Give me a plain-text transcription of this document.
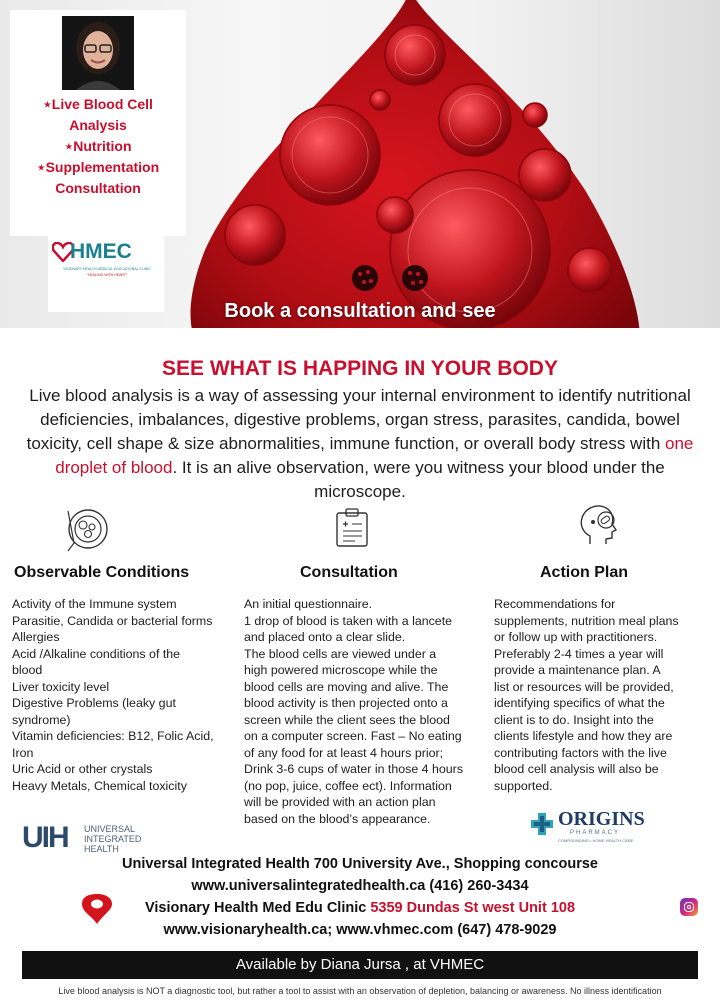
Book a consultation and see
⋆Live Blood Cell
Analysis
⋆Nutrition
⋆Supplementation
Consultation
HMEC
VISIONARY HEALTH MEDICAL EDUCATIONAL CLINIC
"HEALING WITH HEART"
SEE WHAT IS HAPPING IN YOUR BODY
Live blood analysis is a way of assessing your internal environment to identify nutritional deficiencies, imbalances, digestive problems, organ stress, parasites, candida, bowel toxicity, cell shape & size abnormalities, immune function, or overall body stress with one droplet of blood. It is an alive observation, were you witness your blood under the microscope.
Observable Conditions	Consultation	Action Plan
Activity of the Immune system
Parasitie, Candida or bacterial forms
Allergies
Acid /Alkaline conditions of the
blood
Liver toxicity level
Digestive Problems (leaky gut
syndrome)
Vitamin deficiencies: B12, Folic Acid,
Iron
Uric Acid or other crystals
Heavy Metals, Chemical toxicity
An initial questionnaire.
1 drop of blood is taken with a lancete
and placed onto a clear slide.
The blood cells are viewed under a
high powered microscope while the
blood cells are moving and alive. The
blood activity is then projected onto a
screen while the client sees the blood
on a computer screen. Fast – No eating
of any food for at least 4 hours prior;
Drink 3-6 cups of water in those 4 hours
(no pop, juice, coffee ect). Information
will be provided with an action plan
based on the blood’s appearance.
Recommendations for
supplements, nutrition meal plans
or follow up with practitioners.
Preferably 2-4 times a year will
provide a maintenance plan. A
list or resources will be provided,
identifying specifics of what the
client is to do. Insight into the
clients lifestyle and how they are
contributing factors with the live
blood cell analysis will also be
supported.
UIH UNIVERSAL
INTEGRATED
HEALTH
ORIGINS
PHARMACY
COMPOUNDING • HOME HEALTH CARE
Universal Integrated Health 700 University Ave., Shopping concourse
www.universalintegratedhealth.ca (416) 260-3434
Visionary Health Med Edu Clinic 5359 Dundas St west Unit 108
www.visionaryhealth.ca; www.vhmec.com (647) 478-9029
Available by Diana Jursa , at VHMEC
Live blood analysis is NOT a diagnostic tool, but rather a tool to assist with an observation of depletion, balancing or awareness. No illness identification
